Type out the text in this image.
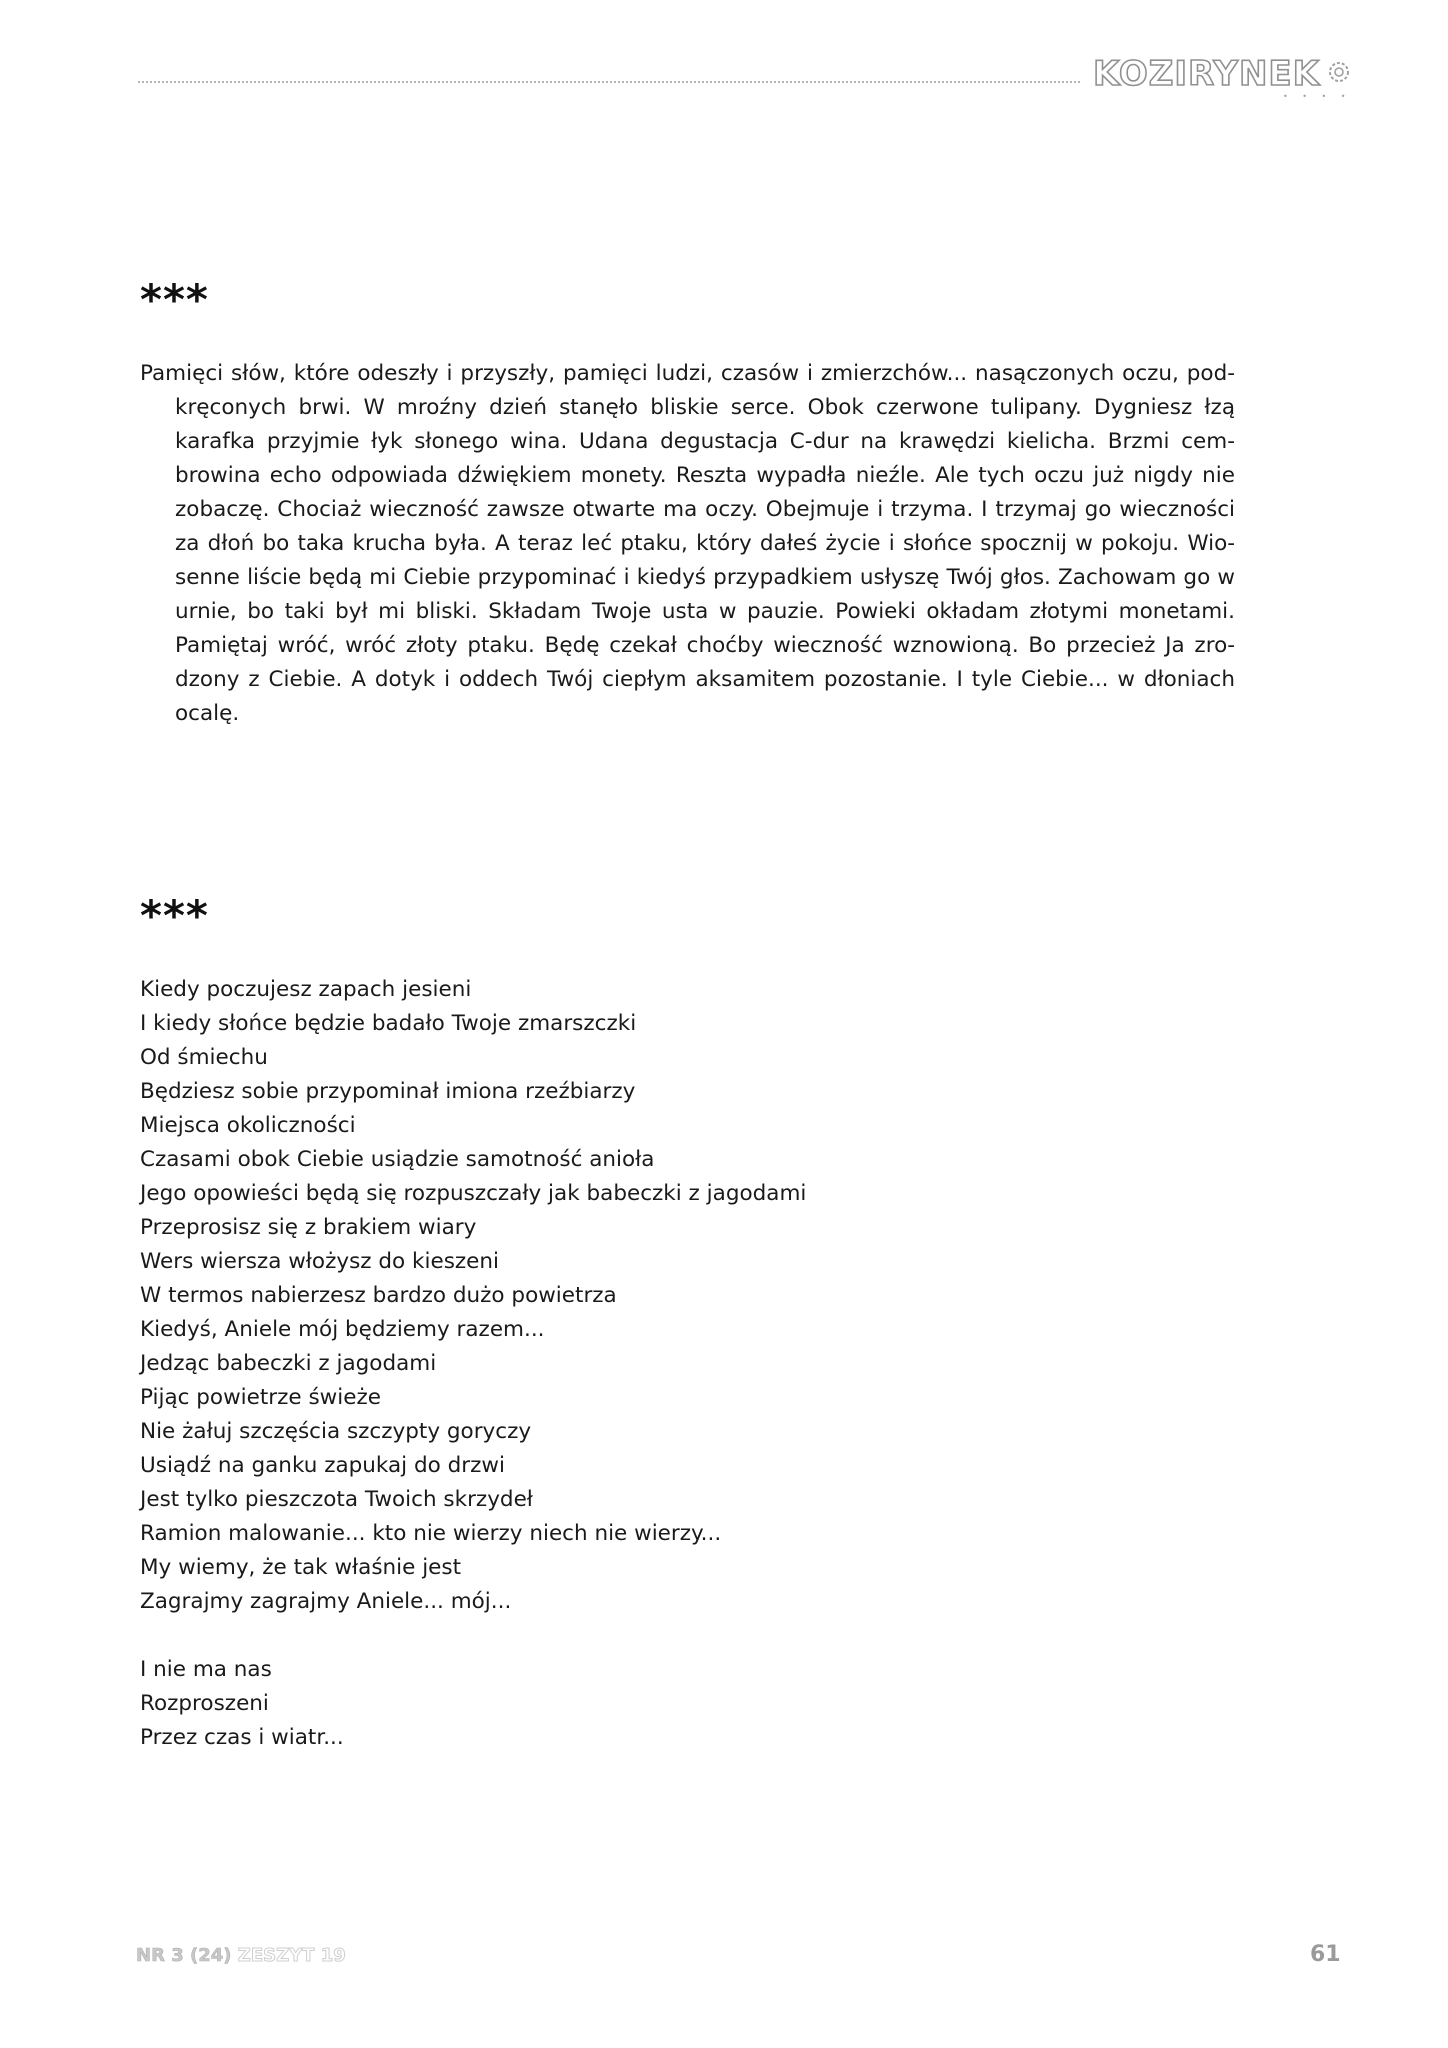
KOZIRYNEK
• • • •
***

Pamięci słów, które odeszły i przyszły, pamięci ludzi, czasów i zmierzchów... nasączonych oczu, podkręconych brwi. W mroźny dzień stanęło bliskie serce. Obok czerwone tulipany. Dygniesz łzą karafka przyjmie łyk słonego wina. Udana degustacja C-dur na krawędzi kielicha. Brzmi cembrowina echo odpowiada dźwiękiem monety. Reszta wypadła nieźle. Ale tych oczu już nigdy nie zobaczę. Chociaż wieczność zawsze otwarte ma oczy. Obejmuje i trzyma. I trzymaj go wieczności za dłoń bo taka krucha była. A teraz leć ptaku, który dałeś życie i słońce spocznij w pokoju. Wiosenne liście będą mi Ciebie przypominać i kiedyś przypadkiem usłyszę Twój głos. Zachowam go w urnie, bo taki był mi bliski. Składam Twoje usta w pauzie. Powieki okładam złotymi monetami. Pamiętaj wróć, wróć złoty ptaku. Będę czekał choćby wieczność wznowioną. Bo przecież Ja zrodzony z Ciebie. A dotyk i oddech Twój ciepłym aksamitem pozostanie. I tyle Ciebie... w dłoniach ocalę.

***
Kiedy poczujesz zapach jesieni
I kiedy słońce będzie badało Twoje zmarszczki
Od śmiechu
Będziesz sobie przypominał imiona rzeźbiarzy
Miejsca okoliczności
Czasami obok Ciebie usiądzie samotność anioła
Jego opowieści będą się rozpuszczały jak babeczki z jagodami
Przeprosisz się z brakiem wiary
Wers wiersza włożysz do kieszeni
W termos nabierzesz bardzo dużo powietrza
Kiedyś, Aniele mój będziemy razem...
Jedząc babeczki z jagodami
Pijąc powietrze świeże
Nie żałuj szczęścia szczypty goryczy
Usiądź na ganku zapukaj do drzwi
Jest tylko pieszczota Twoich skrzydeł
Ramion malowanie... kto nie wierzy niech nie wierzy...
My wiemy, że tak właśnie jest
Zagrajmy zagrajmy Aniele... mój...
I nie ma nas
Rozproszeni
Przez czas i wiatr...
NR 3 (24) ZESZYT 19	61
